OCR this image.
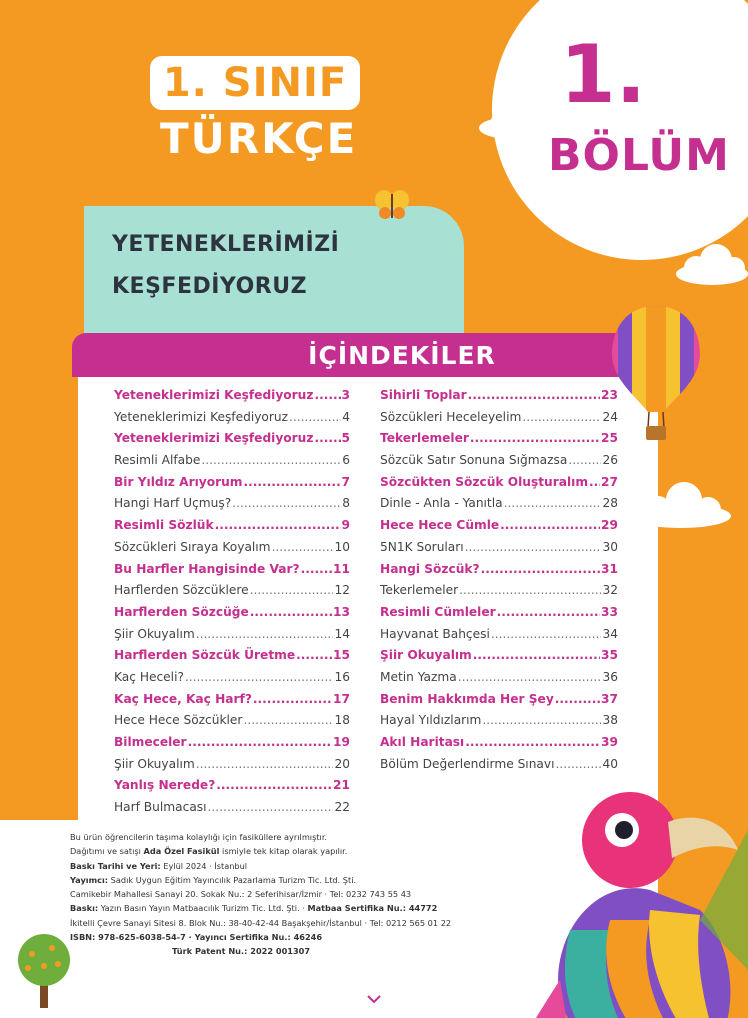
1. SINIF
TÜRKÇE
1.
BÖLÜM
YETENEKLERİMİZİ
KEŞFEDİYORUZ
İÇİNDEKİLER
Yeteneklerimizi Keşfediyoruz ..... 3
Yeteneklerimizi Keşfediyoruz .....	4
Yeteneklerimizi Keşfediyoruz ..... 5
Resimli Alfabe .....	6
Bir Yıldız Arıyorum .....	7
Hangi Harf Uçmuş? .....	8
Resimli Sözlük .....	9
Sözcükleri Sıraya Koyalım .....	10
Bu Harfler Hangisinde Var? .....	11
Harflerden Sözcüklere .....	12
Harflerden Sözcüğe .....	13
Şiir Okuyalım .....	14
Harflerden Sözcük Üretme .....	15
Kaç Heceli? .....	16
Kaç Hece, Kaç Harf? .....	17
Hece Hece Sözcükler .....	18
Bilmeceler .....	19
Şiir Okuyalım .....	20
Yanlış Nerede? .....	21
Harf Bulmacası .....	22
Sihirli Toplar .....	23
Sözcükleri Heceleyelim .....	24
Tekerlemeler .....	25
Sözcük Satır Sonuna Sığmazsa .....	26
Sözcükten Sözcük Oluşturalım ..... 27
Dinle - Anla - Yanıtla .....	28
Hece Hece Cümle .....	29
5N1K Soruları .....	30
Hangi Sözcük? .....	31
Tekerlemeler .....	32
Resimli Cümleler .....	33
Hayvanat Bahçesi .....	34
Şiir Okuyalım .....	35
Metin Yazma .....	36
Benim Hakkımda Her Şey .....	37
Hayal Yıldızlarım .....	38
Akıl Haritası .....	39
Bölüm Değerlendirme Sınavı .....	40
Bu ürün öğrencilerin taşıma kolaylığı için fasiküllere ayrılmıştır.
Dağıtımı ve satışı Ada Özel Fasikül ismiyle tek kitap olarak yapılır.
Baskı Tarihi ve Yeri: Eylül 2024 · İstanbul
Yayımcı: Sadık Uygun Eğitim Yayıncılık Pazarlama Turizm Tic. Ltd. Şti.
Camikebir Mahallesi Sanayi 20. Sokak Nu.: 2 Seferihisar/İzmir · Tel: 0232 743 55 43
Baskı: Yazın Basın Yayın Matbaacılık Turizm Tic. Ltd. Şti. · Matbaa Sertifika Nu.: 44772
İkitelli Çevre Sanayi Sitesi 8. Blok Nu.: 38-40-42-44 Başakşehir/İstanbul · Tel: 0212 565 01 22
ISBN: 978-625-6038-54-7 · Yayıncı Sertifika Nu.: 46246
Türk Patent Nu.: 2022 001307
Bu kitap SADIK UYGUN YAYINLARI tarafından hazırlanmıştır.
© Tüm yayın hakları Sadık Uygun Yayınlarına aittir.
